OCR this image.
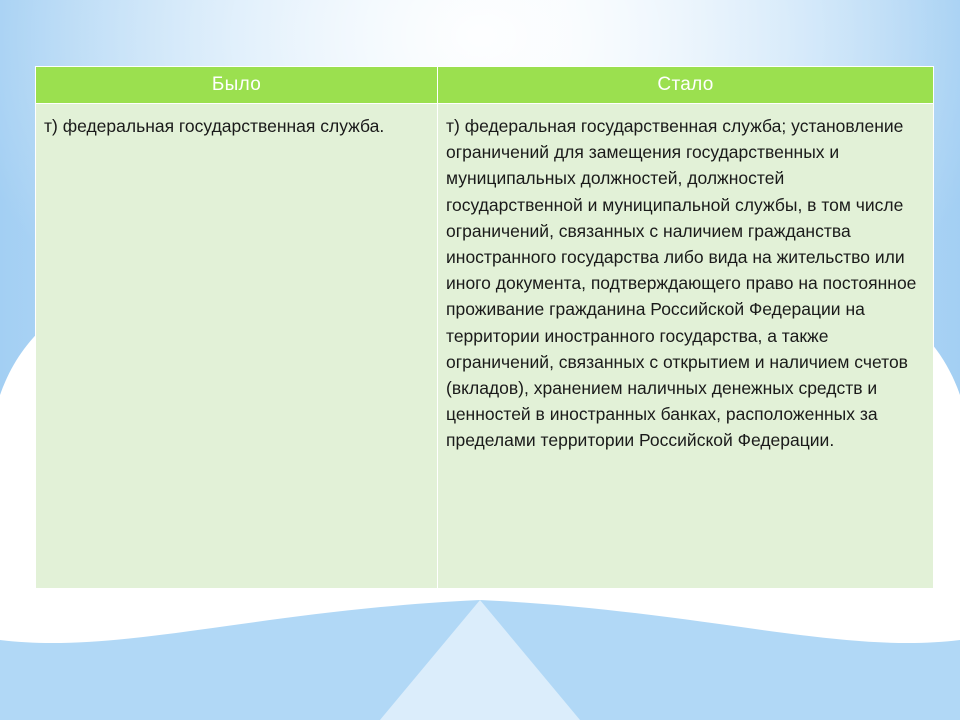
Было	Стало
т) федеральная государственная служба.	т) федеральная государственная служба; установление ограничений для замещения государственных и муниципальных должностей, должностей государственной и муниципальной службы, в том числе ограничений, связанных с наличием гражданства иностранного государства либо вида на жительство или иного документа, подтверждающего право на постоянное проживание гражданина Российской Федерации на территории иностранного государства, а также ограничений, связанных с открытием и наличием счетов (вкладов), хранением наличных денежных средств и ценностей в иностранных банках, расположенных за пределами территории Российской Федерации.
